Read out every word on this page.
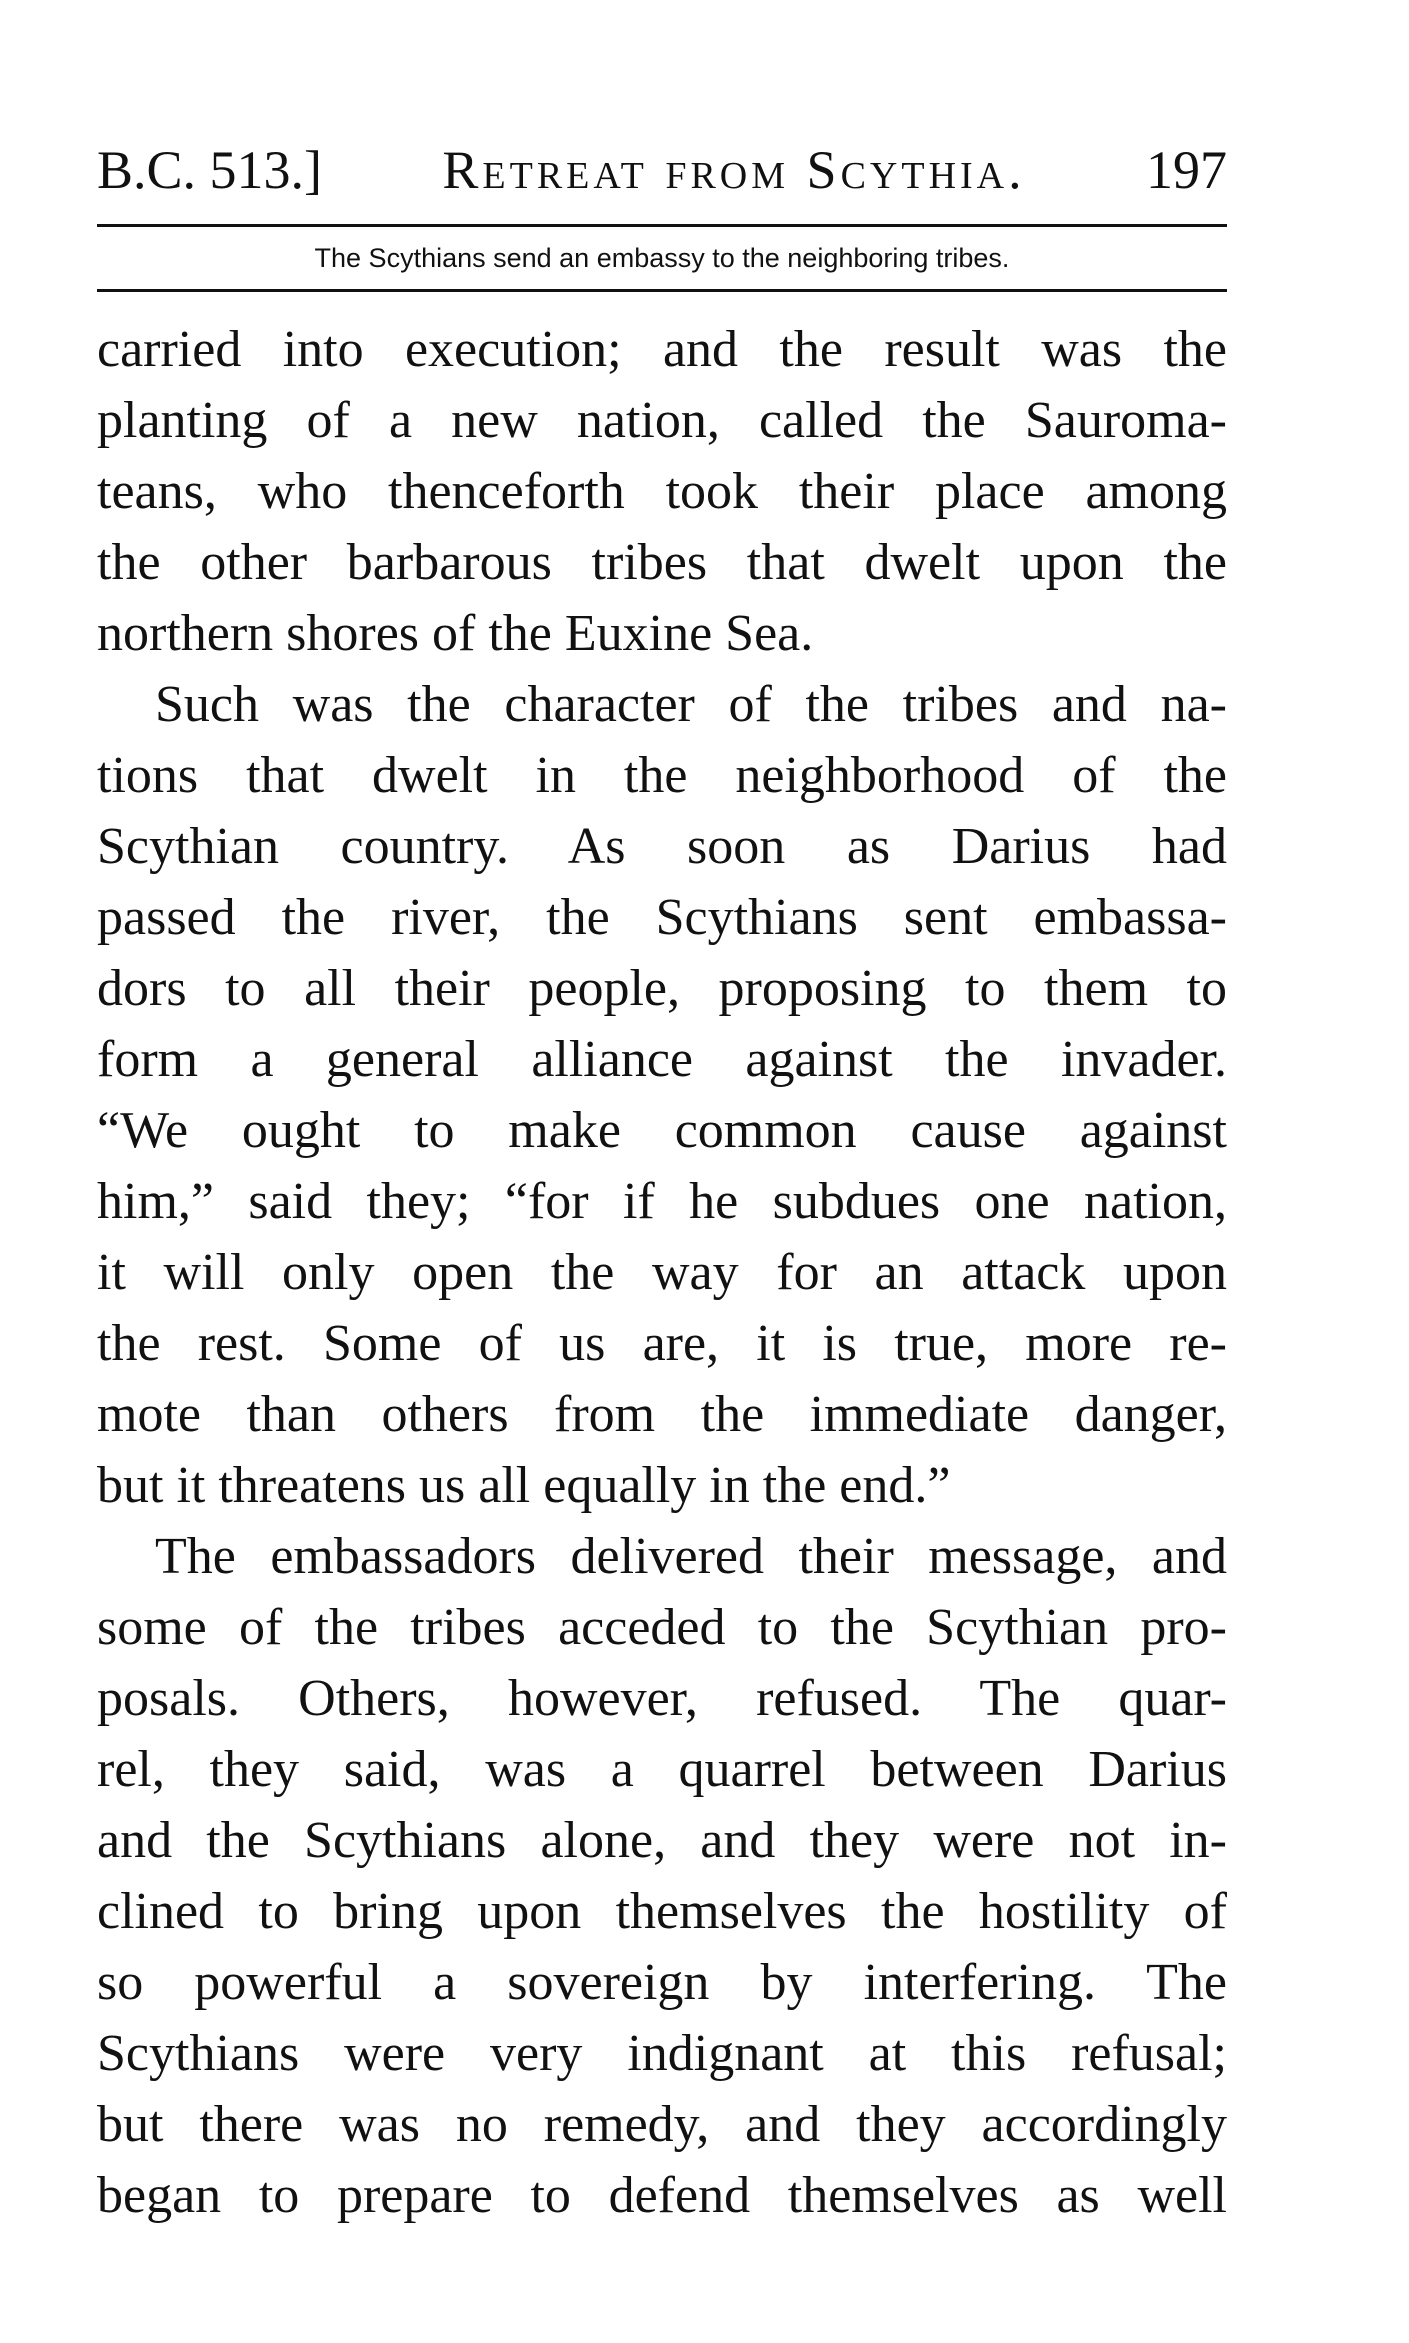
B.C. 513.] Retreat from Scythia. 197
The Scythians send an embassy to the neighboring tribes.
carried into execution; and the result was the
planting of a new nation, called the Sauroma-
teans, who thenceforth took their place among
the other barbarous tribes that dwelt upon the
northern shores of the Euxine Sea.
Such was the character of the tribes and na-
tions that dwelt in the neighborhood of the
Scythian country. As soon as Darius had
passed the river, the Scythians sent embassa-
dors to all their people, proposing to them to
form a general alliance against the invader.
“We ought to make common cause against
him,” said they; “for if he subdues one nation,
it will only open the way for an attack upon
the rest. Some of us are, it is true, more re-
mote than others from the immediate danger,
but it threatens us all equally in the end.”
The embassadors delivered their message, and
some of the tribes acceded to the Scythian pro-
posals. Others, however, refused. The quar-
rel, they said, was a quarrel between Darius
and the Scythians alone, and they were not in-
clined to bring upon themselves the hostility of
so powerful a sovereign by interfering. The
Scythians were very indignant at this refusal;
but there was no remedy, and they accordingly
began to prepare to defend themselves as well
